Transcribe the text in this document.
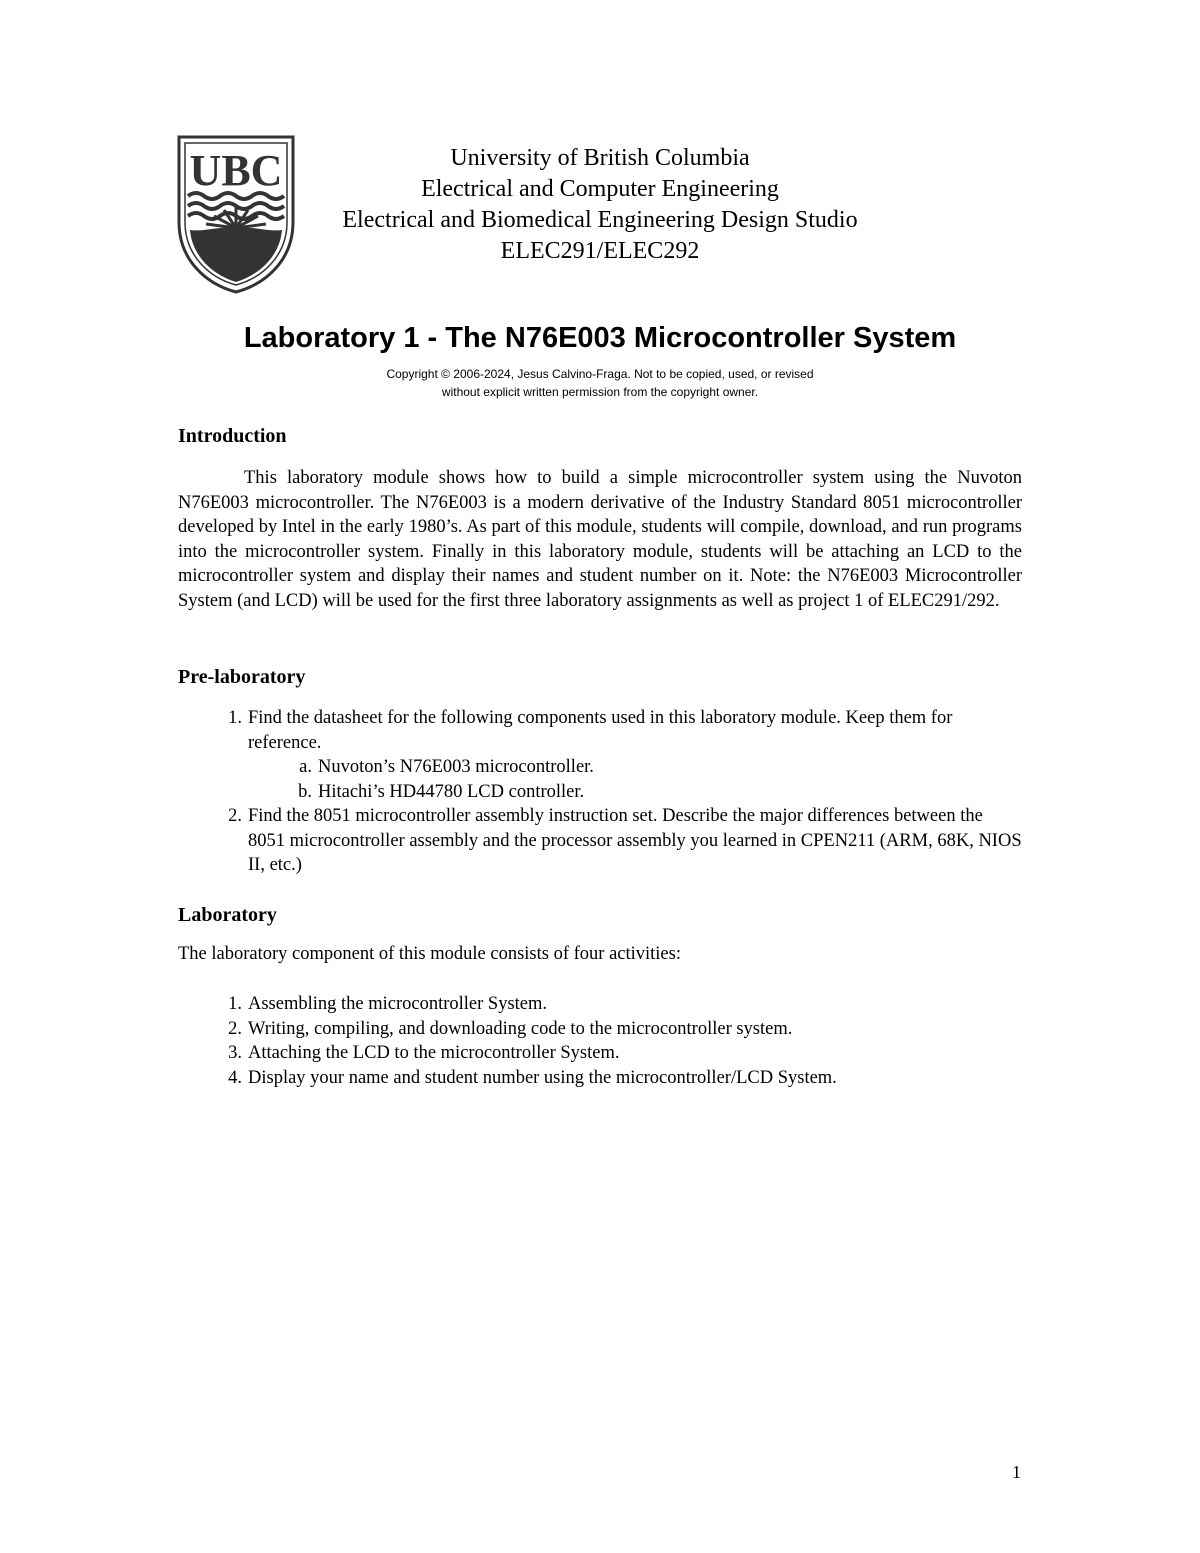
UBC	University of British Columbia
Electrical and Computer Engineering
Electrical and Biomedical Engineering Design Studio
ELEC291/ELEC292
Laboratory 1 - The N76E003 Microcontroller System
Copyright © 2006-2024, Jesus Calvino-Fraga. Not to be copied, used, or revised
without explicit written permission from the copyright owner.
Introduction

This laboratory module shows how to build a simple microcontroller system using the Nuvoton N76E003 microcontroller. The N76E003 is a modern derivative of the Industry Standard 8051 microcontroller developed by Intel in the early 1980’s. As part of this module, students will compile, download, and run programs into the microcontroller system. Finally in this laboratory module, students will be attaching an LCD to the microcontroller system and display their names and student number on it. Note: the N76E003 Microcontroller System (and LCD) will be used for the first three laboratory assignments as well as project 1 of ELEC291/292.

Pre-laboratory
1. Find the datasheet for the following components used in this laboratory module. Keep them for reference.
a. Nuvoton’s N76E003 microcontroller.
b. Hitachi’s HD44780 LCD controller.
2. Find the 8051 microcontroller assembly instruction set. Describe the major differences between the 8051 microcontroller assembly and the processor assembly you learned in CPEN211 (ARM, 68K, NIOS II, etc.)
Laboratory
The laboratory component of this module consists of four activities:
1. Assembling the microcontroller System.
2. Writing, compiling, and downloading code to the microcontroller system.
3. Attaching the LCD to the microcontroller System.
4. Display your name and student number using the microcontroller/LCD System.
1
